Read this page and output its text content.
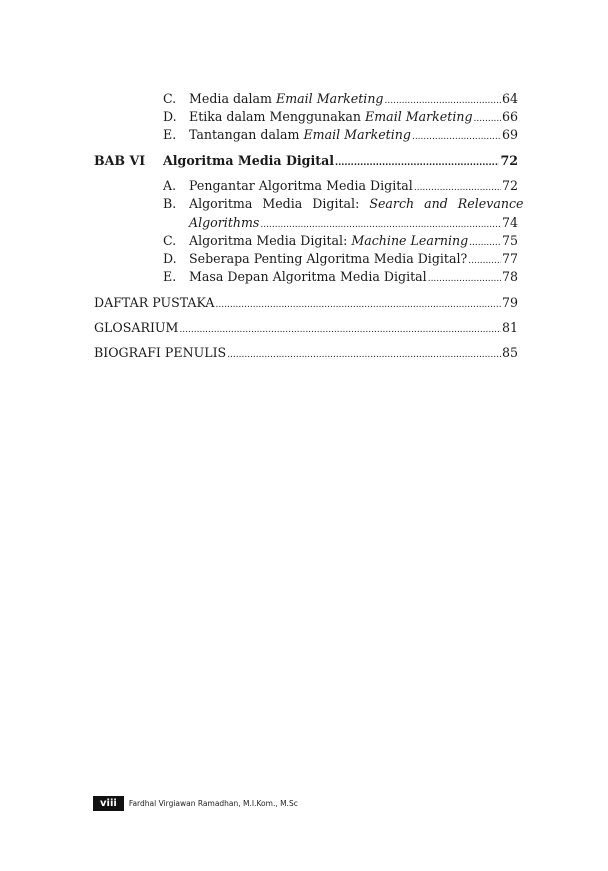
C.	Media dalam Email Marketing .....	64
D. Etika dalam Menggunakan Email Marketing ..... 66
E.	Tantangan dalam Email Marketing .....	69
BAB VI	Algoritma Media Digital .....	72
A.	Pengantar Algoritma Media Digital .....	72
B.	Algoritma Media Digital: Search and Relevance
Algorithms .....	74
C.	Algoritma Media Digital: Machine Learning .....	75
D. Seberapa Penting Algoritma Media Digital? .....	77
E.	Masa Depan Algoritma Media Digital .....	78
DAFTAR PUSTAKA .....	79
GLOSARIUM .....	81
BIOGRAFI PENULIS .....	85
viii	Fardhal Virgiawan Ramadhan, M.I.Kom., M.Sc
